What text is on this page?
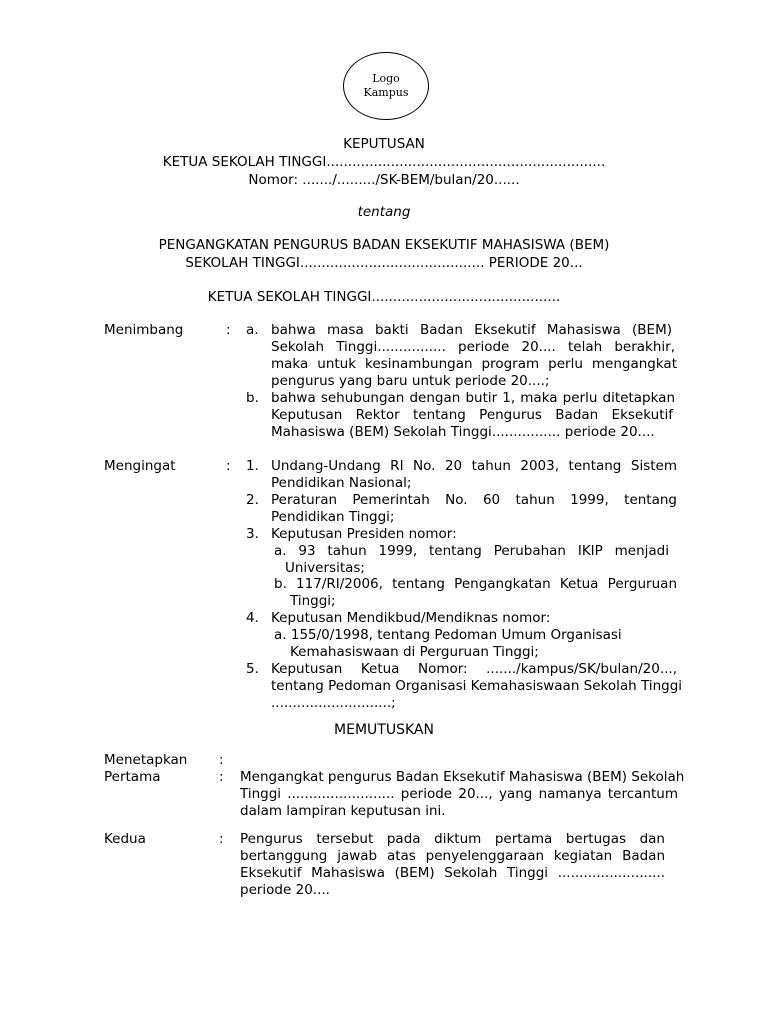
Logo
Kampus
KEPUTUSAN
KETUA SEKOLAH TINGGI.................................................................
Nomor: ......./........./SK-BEM/bulan/20......
tentang
PENGANGKATAN PENGURUS BADAN EKSEKUTIF MAHASISWA (BEM)
SEKOLAH TINGGI........................................... PERIODE 20...
KETUA SEKOLAH TINGGI............................................
Menimbang	: a. bahwa masa bakti Badan Eksekutif Mahasiswa (BEM)
Sekolah Tinggi................ periode 20.... telah berakhir,
maka untuk kesinambungan program perlu mengangkat
pengurus yang baru untuk periode 20....;
b. bahwa sehubungan dengan butir 1, maka perlu ditetapkan
Keputusan Rektor tentang Pengurus Badan Eksekutif
Mahasiswa (BEM) Sekolah Tinggi................ periode 20....
Mengingat	: 1. Undang-Undang RI No. 20 tahun 2003, tentang Sistem
Pendidikan Nasional;
2. Peraturan Pemerintah No. 60 tahun 1999, tentang
Pendidikan Tinggi;
3. Keputusan Presiden nomor:
a. 93 tahun 1999, tentang Perubahan IKIP menjadi
Universitas;
b. 117/RI/2006, tentang Pengangkatan Ketua Perguruan
Tinggi;
4. Keputusan Mendikbud/Mendiknas nomor:
a. 155/0/1998, tentang Pedoman Umum Organisasi
Kemahasiswaan di Perguruan Tinggi;
5. Keputusan Ketua Nomor: ......./kampus/SK/bulan/20...,
tentang Pedoman Organisasi Kemahasiswaan Sekolah Tinggi
............................;
MEMUTUSKAN
Menetapkan :
Pertama	: Mengangkat pengurus Badan Eksekutif Mahasiswa (BEM) Sekolah
Tinggi ......................... periode 20..., yang namanya tercantum
dalam lampiran keputusan ini.
Kedua	: Pengurus tersebut pada diktum pertama bertugas dan
bertanggung jawab atas penyelenggaraan kegiatan Badan
Eksekutif Mahasiswa (BEM) Sekolah Tinggi .........................
periode 20....
